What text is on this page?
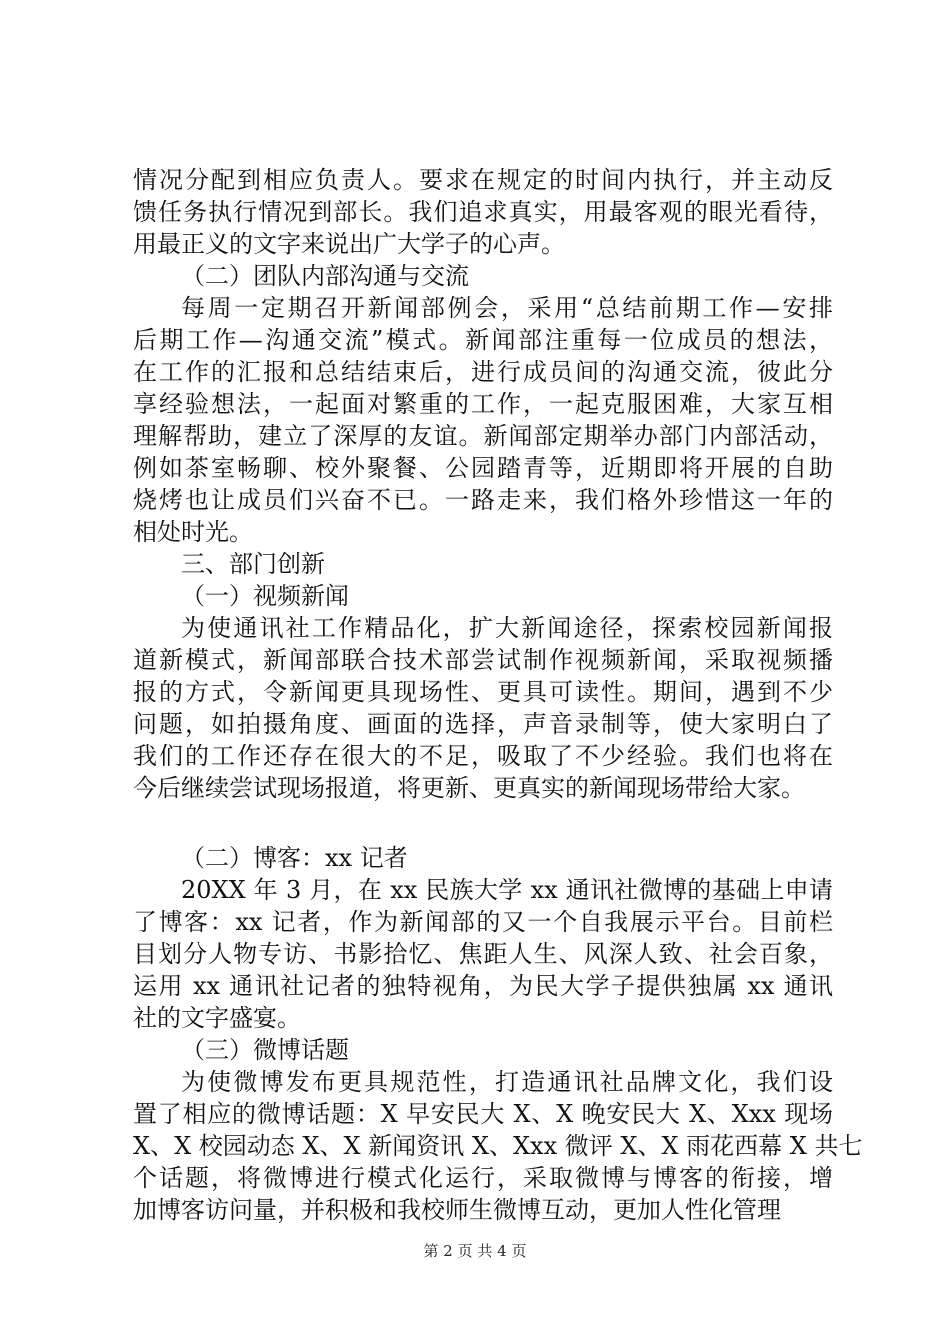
情况分配到相应负责人。要求在规定的时间内执行，并主动反
馈任务执行情况到部长。我们追求真实，用最客观的眼光看待，
用最正义的文字来说出广大学子的心声。
（二）团队内部沟通与交流
每周一定期召开新闻部例会，采用“总结前期工作—安排
后期工作—沟通交流”模式。新闻部注重每一位成员的想法，
在工作的汇报和总结结束后，进行成员间的沟通交流，彼此分
享经验想法，一起面对繁重的工作，一起克服困难，大家互相
理解帮助，建立了深厚的友谊。新闻部定期举办部门内部活动，
例如茶室畅聊、校外聚餐、公园踏青等，近期即将开展的自助
烧烤也让成员们兴奋不已。一路走来，我们格外珍惜这一年的
相处时光。
三、部门创新
（一）视频新闻
为使通讯社工作精品化，扩大新闻途径，探索校园新闻报
道新模式，新闻部联合技术部尝试制作视频新闻，采取视频播
报的方式，令新闻更具现场性、更具可读性。期间，遇到不少
问题，如拍摄角度、画面的选择，声音录制等，使大家明白了
我们的工作还存在很大的不足，吸取了不少经验。我们也将在
今后继续尝试现场报道，将更新、更真实的新闻现场带给大家。
（二）博客：xx 记者
20XX 年 3 月，在 xx 民族大学 xx 通讯社微博的基础上申请
了博客：xx 记者，作为新闻部的又一个自我展示平台。目前栏
目划分人物专访、书影拾忆、焦距人生、风深人致、社会百象，
运用 xx 通讯社记者的独特视角，为民大学子提供独属 xx 通讯
社的文字盛宴。
（三）微博话题
为使微博发布更具规范性，打造通讯社品牌文化，我们设
置了相应的微博话题：X 早安民大 X、X 晚安民大 X、Xxx 现场
X、X 校园动态 X、X 新闻资讯 X、Xxx 微评 X、X 雨花西幕 X 共七
个话题，将微博进行模式化运行，采取微博与博客的衔接，增
加博客访问量，并积极和我校师生微博互动，更加人性化管理
第 2 页 共 4 页
